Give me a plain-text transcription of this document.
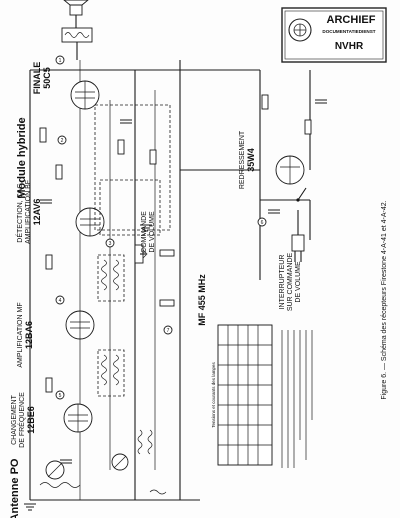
ARCHIEF
DOCUMENTATIEDIENST
NVHR
Tensions et courants des lampes
FINALE 50C5
Module hybride
DÉTECTION, CAG, AMPLIFICATION BF 12AV6	COMMANDE DE VOLUME
AMPLIFICATION MF 12BA6
CHANGEMENT DE FRÉQUENCE 12BE6
Antenne PO
MF 455 MHz
REDRESSEMENT 35W4
INTERRUPTEUR SUR COMMANDE DE VOLUME	Figure 6. — Schéma des récepteurs Firestone 4-A-41 et 4-A-42.
1
2
3
4
5
6
7
